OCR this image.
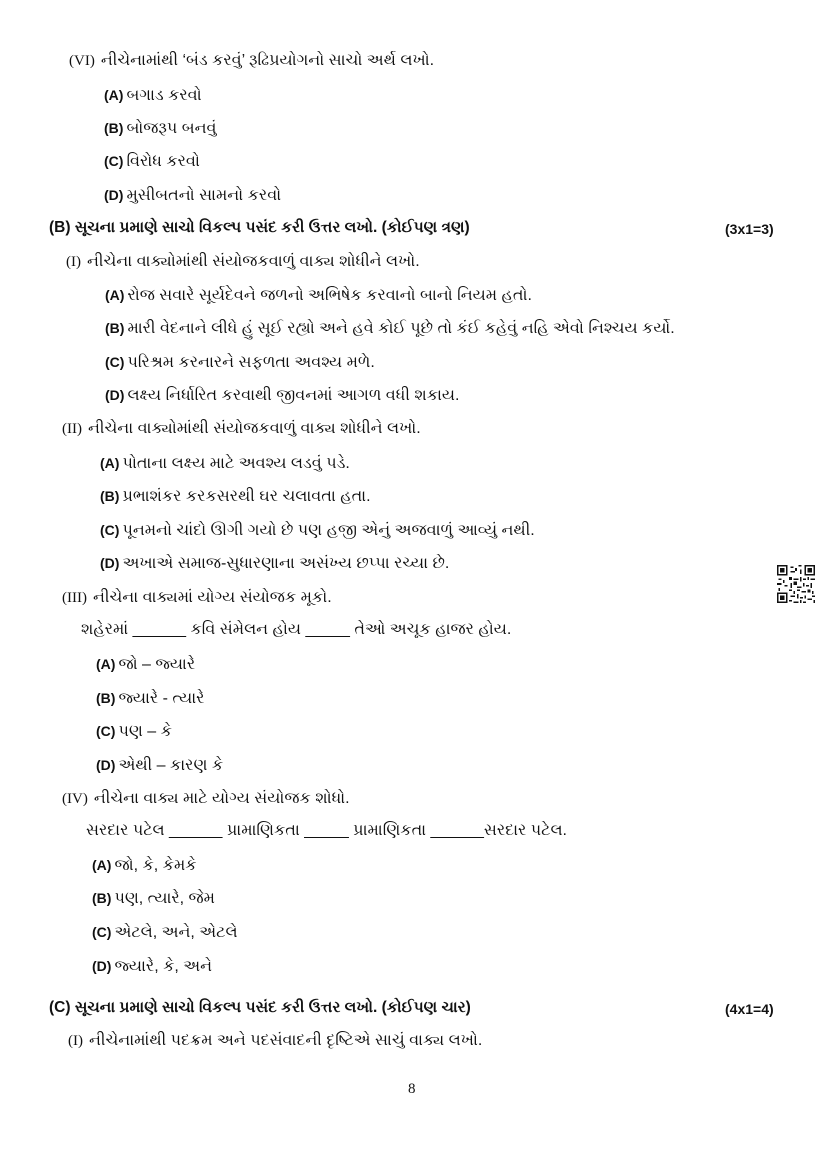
(VI) નીચેનામાંથી ‘બંડ કરવું’ રૂઢિપ્રયોગનો સાચો અર્થ લખો.
(A) બગાડ કરવો
(B) બોજરૂપ બનવું
(C) વિરોધ કરવો
(D) મુસીબતનો સામનો કરવો
(B) સૂચના પ્રમાણે સાચો વિકલ્પ પસંદ કરી ઉત્તર લખો. (કોઈપણ ત્રણ)	(3x1=3)
(I) નીચેના વાક્યોમાંથી સંયોજકવાળું વાક્ય શોધીને લખો.
(A) રોજ સવારે સૂર્યદેવને જળનો અભિષેક કરવાનો બાનો નિયમ હતો.
(B) મારી વેદનાને લીધે હું સૂઈ રહ્યો અને હવે કોઈ પૂછે તો કંઈ કહેવું નહિ એવો નિશ્ચય કર્યો.
(C) પરિશ્રમ કરનારને સફળતા અવશ્ય મળે.
(D) લક્ષ્ય નિર્ધારિત કરવાથી જીવનમાં આગળ વધી શકાય.
(II) નીચેના વાક્યોમાંથી સંયોજકવાળું વાક્ય શોધીને લખો.
(A) પોતાના લક્ષ્ય માટે અવશ્ય લડવું પડે.
(B) પ્રભાશંકર કરકસરથી ઘર ચલાવતા હતા.
(C) પૂનમનો ચાંદો ઊગી ગયો છે પણ હજી એનું અજવાળું આવ્યું નથી.
(D) અખાએ સમાજ-સુધારણાના અસંખ્ય છપ્પા રચ્યા છે.
(III) નીચેના વાક્યમાં યોગ્ય સંયોજક મૂકો.
શહેરમાં ______ કવિ સંમેલન હોય _____ તેઓ અચૂક હાજર હોય.
(A) જો – જ્યારે
(B) જ્યારે - ત્યારે
(C) પણ – કે
(D) એથી – કારણ કે
(IV) નીચેના વાક્ય માટે યોગ્ય સંયોજક શોધો.
સરદાર પટેલ ______ પ્રામાણિકતા _____ પ્રામાણિકતા ______સરદાર પટેલ.
(A) જો, કે, કેમકે
(B) પણ, ત્યારે, જેમ
(C) એટલે, અને, એટલે
(D) જ્યારે, કે, અને
(C) સૂચના પ્રમાણે સાચો વિકલ્પ પસંદ કરી ઉત્તર લખો. (કોઈપણ ચાર)	(4x1=4)
(I) નીચેનામાંથી પદક્રમ અને પદસંવાદની દૃષ્ટિએ સાચું વાક્ય લખો.
8
